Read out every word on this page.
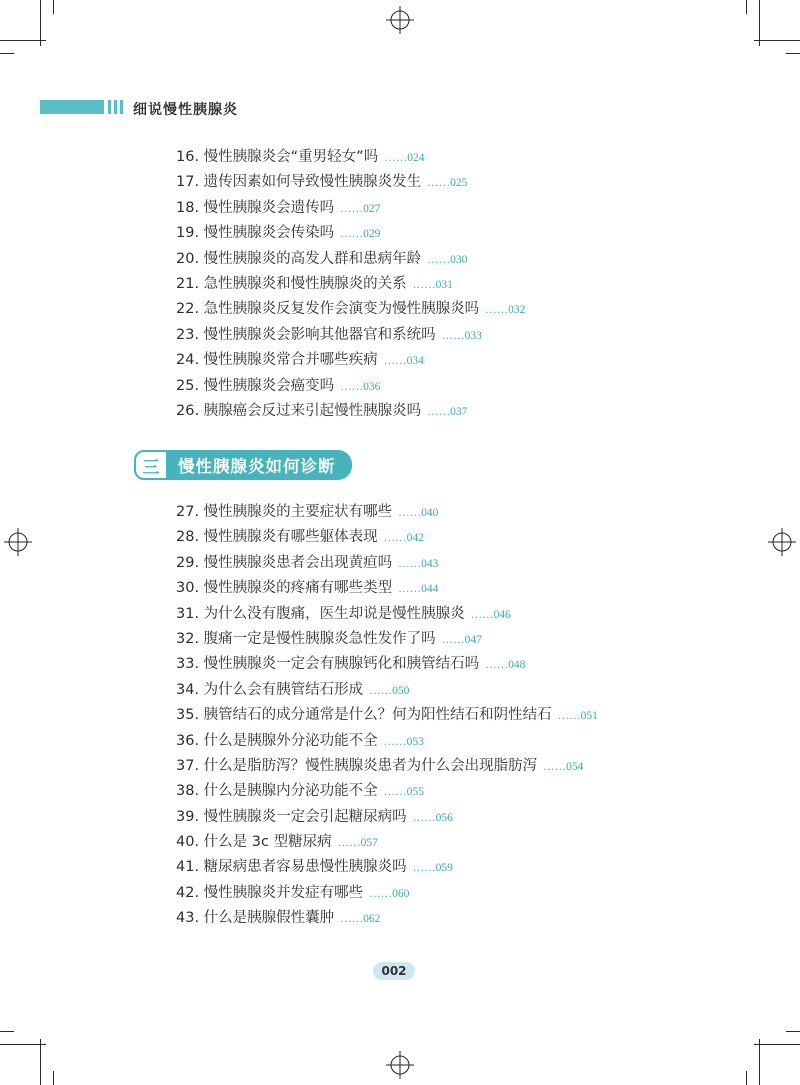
细说慢性胰腺炎
16. 慢性胰腺炎会“重男轻女”吗 ……024
17. 遗传因素如何导致慢性胰腺炎发生 ……025
18. 慢性胰腺炎会遗传吗 ……027
19. 慢性胰腺炎会传染吗 ……029
20. 慢性胰腺炎的高发人群和患病年龄 ……030
21. 急性胰腺炎和慢性胰腺炎的关系 ……031
22. 急性胰腺炎反复发作会演变为慢性胰腺炎吗 ……032
23. 慢性胰腺炎会影响其他器官和系统吗 ……033
24. 慢性胰腺炎常合并哪些疾病 ……034
25. 慢性胰腺炎会癌变吗 ……036
26. 胰腺癌会反过来引起慢性胰腺炎吗 ……037
三	慢性胰腺炎如何诊断
27. 慢性胰腺炎的主要症状有哪些 ……040
28. 慢性胰腺炎有哪些躯体表现 ……042
29. 慢性胰腺炎患者会出现黄疸吗 ……043
30. 慢性胰腺炎的疼痛有哪些类型 ……044
31. 为什么没有腹痛，医生却说是慢性胰腺炎 ……046
32. 腹痛一定是慢性胰腺炎急性发作了吗 ……047
33. 慢性胰腺炎一定会有胰腺钙化和胰管结石吗 ……048
34. 为什么会有胰管结石形成 ……050
35. 胰管结石的成分通常是什么？何为阳性结石和阴性结石 ……051
36. 什么是胰腺外分泌功能不全 ……053
37. 什么是脂肪泻？慢性胰腺炎患者为什么会出现脂肪泻 ……054
38. 什么是胰腺内分泌功能不全 ……055
39. 慢性胰腺炎一定会引起糖尿病吗 ……056
40. 什么是 3c 型糖尿病 ……057
41. 糖尿病患者容易患慢性胰腺炎吗 ……059
42. 慢性胰腺炎并发症有哪些 ……060
43. 什么是胰腺假性囊肿 ……062
002
